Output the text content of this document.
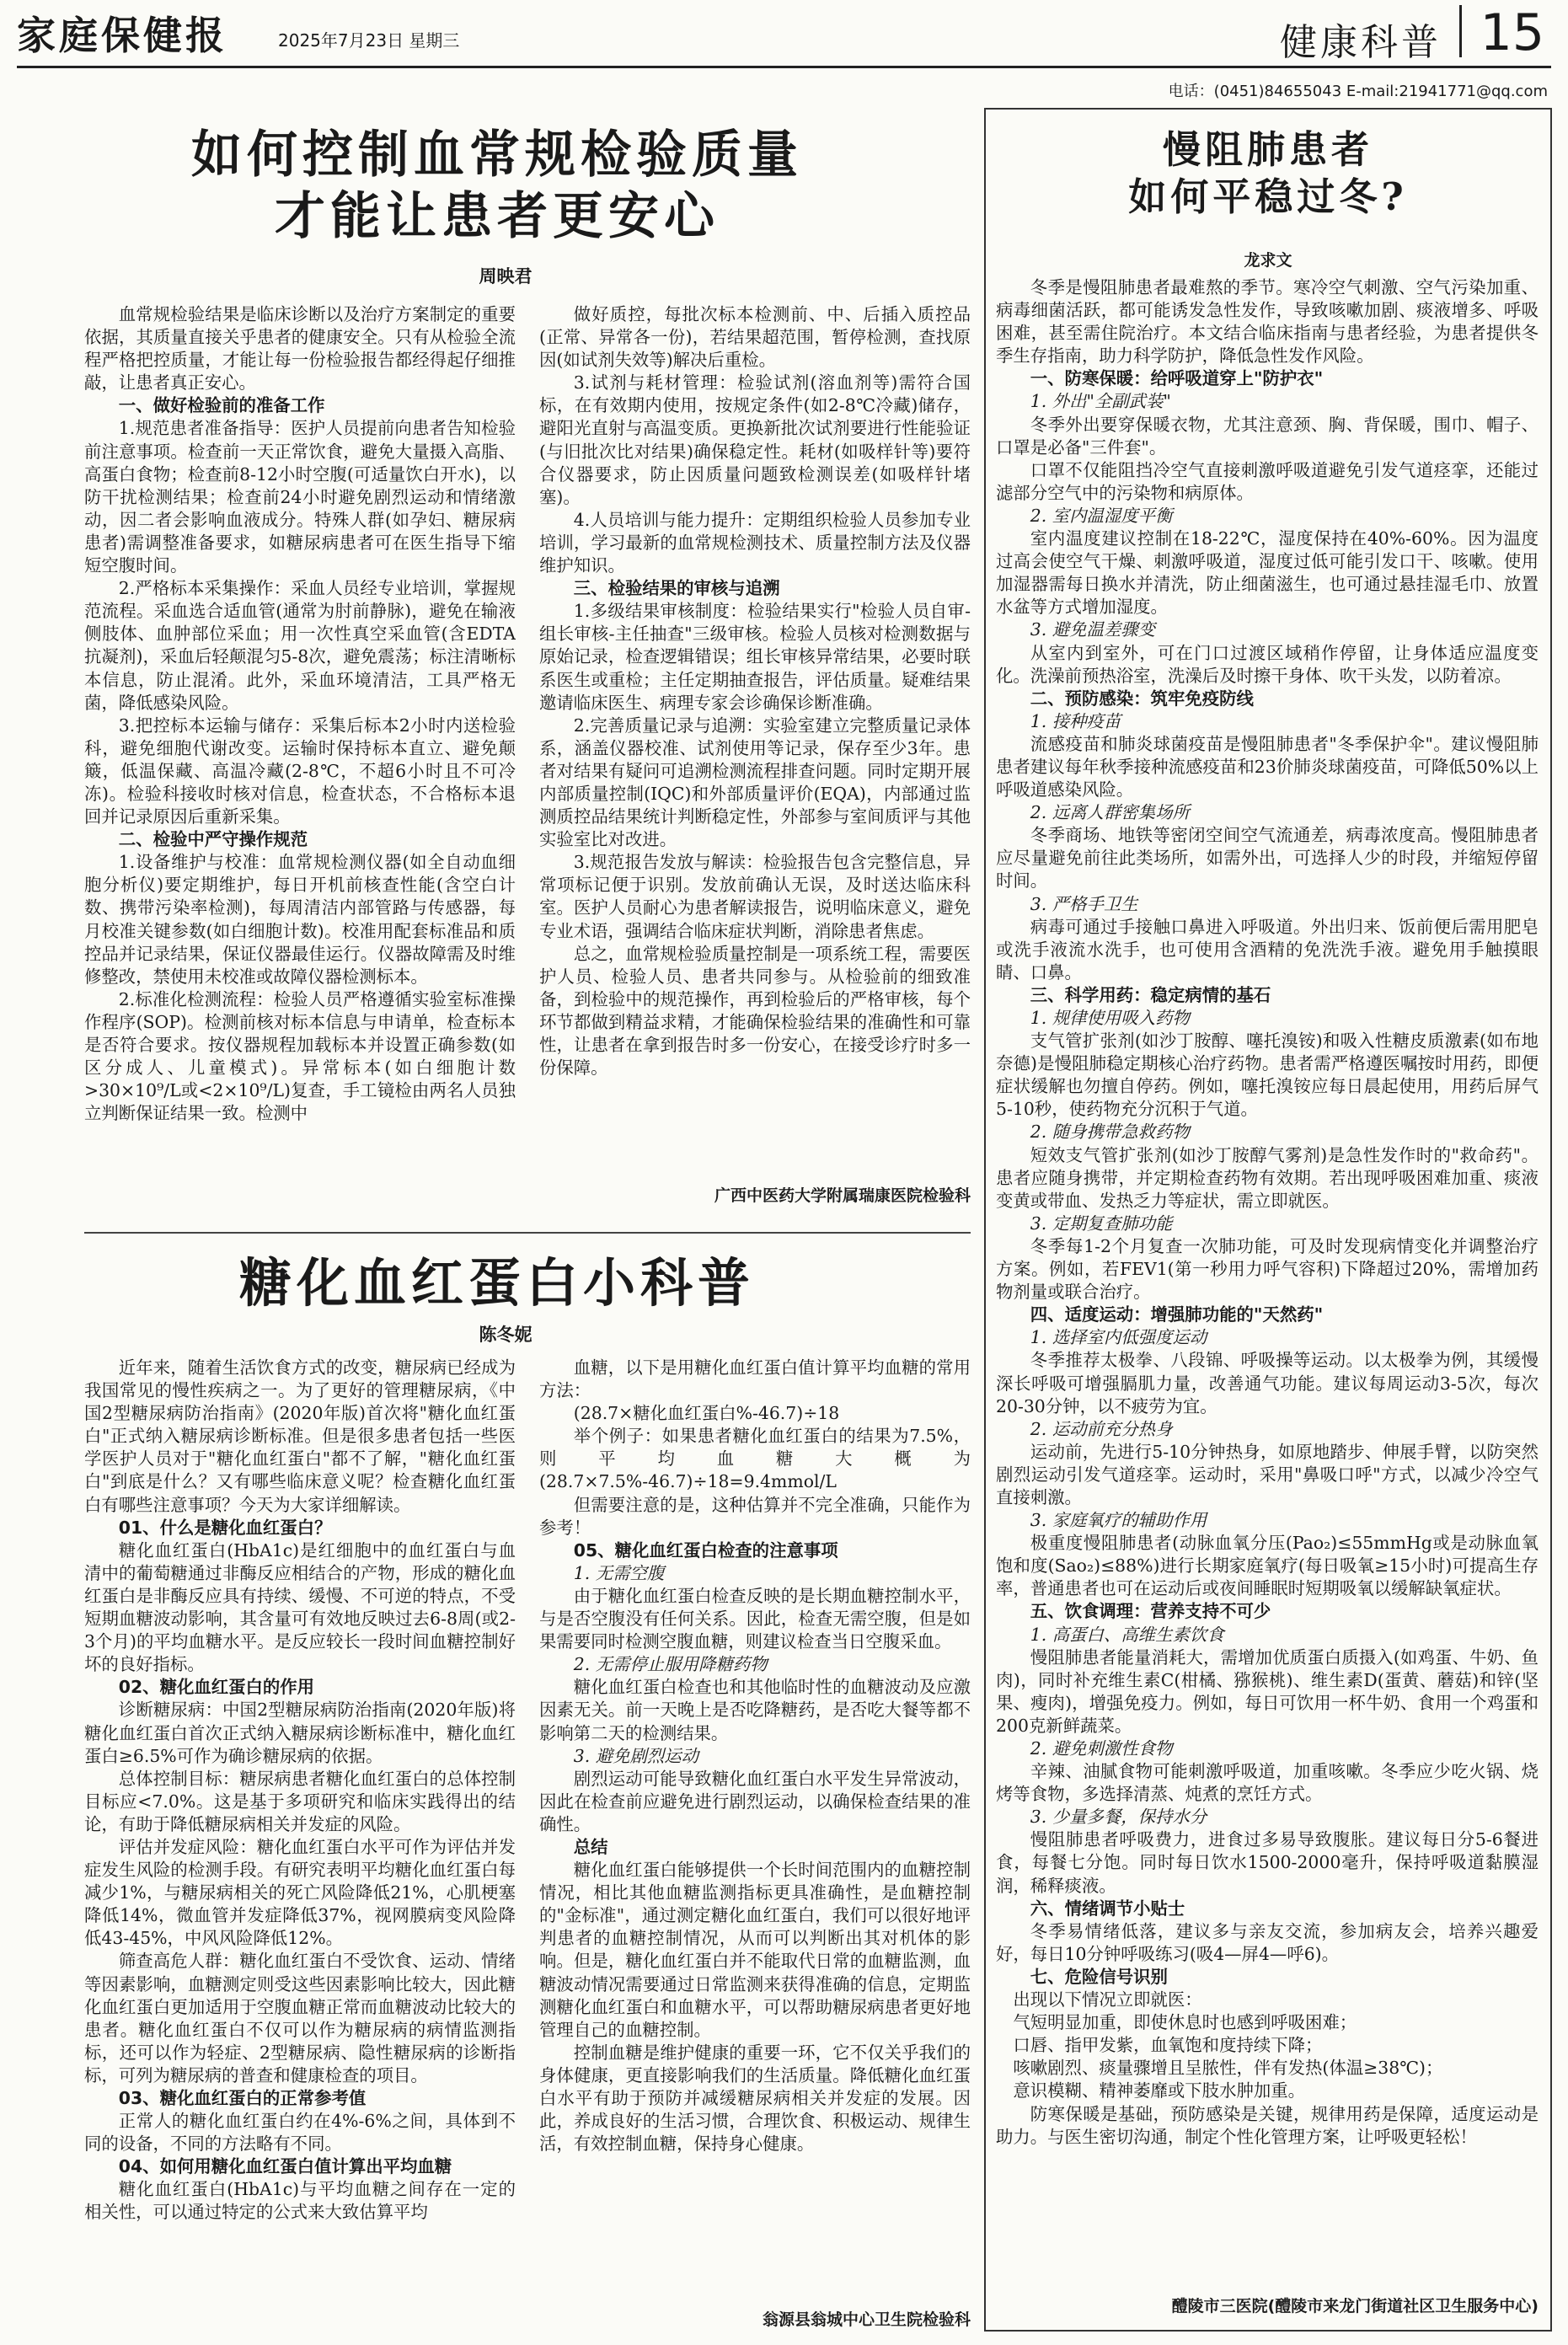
家庭保健报	2025年7月23日 星期三	健康科普 15
电话：(0451)84655043 E-mail:21941771@qq.com
如何控制血常规检验质量
才能让患者更安心
周映君

血常规检验结果是临床诊断以及治疗方案制定的重要依据，其质量直接关乎患者的健康安全。只有从检验全流程严格把控质量，才能让每一份检验报告都经得起仔细推敲，让患者真正安心。

一、做好检验前的准备工作

1.规范患者准备指导：医护人员提前向患者告知检验前注意事项。检查前一天正常饮食，避免大量摄入高脂、高蛋白食物；检查前8-12小时空腹(可适量饮白开水)，以防干扰检测结果；检查前24小时避免剧烈运动和情绪激动，因二者会影响血液成分。特殊人群(如孕妇、糖尿病患者)需调整准备要求，如糖尿病患者可在医生指导下缩短空腹时间。

2.严格标本采集操作：采血人员经专业培训，掌握规范流程。采血选合适血管(通常为肘前静脉)，避免在输液侧肢体、血肿部位采血；用一次性真空采血管(含EDTA抗凝剂)，采血后轻颠混匀5-8次，避免震荡；标注清晰标本信息，防止混淆。此外，采血环境清洁，工具严格无菌，降低感染风险。

3.把控标本运输与储存：采集后标本2小时内送检验科，避免细胞代谢改变。运输时保持标本直立、避免颠簸，低温保藏、高温冷藏(2-8℃，不超6小时且不可冷冻)。检验科接收时核对信息，检查状态，不合格标本退回并记录原因后重新采集。

二、检验中严守操作规范

1.设备维护与校准：血常规检测仪器(如全自动血细胞分析仪)要定期维护，每日开机前核查性能(含空白计数、携带污染率检测)，每周清洁内部管路与传感器，每月校准关键参数(如白细胞计数)。校准用配套标准品和质控品并记录结果，保证仪器最佳运行。仪器故障需及时维修整改，禁使用未校准或故障仪器检测标本。

2.标准化检测流程：检验人员严格遵循实验室标准操作程序(SOP)。检测前核对标本信息与申请单，检查标本是否符合要求。按仪器规程加载标本并设置正确参数(如区分成人、儿童模式)。异常标本(如白细胞计数>30×10⁹/L或<2×10⁹/L)复查，手工镜检由两名人员独立判断保证结果一致。检测中

做好质控，每批次标本检测前、中、后插入质控品(正常、异常各一份)，若结果超范围，暂停检测，查找原因(如试剂失效等)解决后重检。

3.试剂与耗材管理：检验试剂(溶血剂等)需符合国标，在有效期内使用，按规定条件(如2-8℃冷藏)储存，避阳光直射与高温变质。更换新批次试剂要进行性能验证(与旧批次比对结果)确保稳定性。耗材(如吸样针等)要符合仪器要求，防止因质量问题致检测误差(如吸样针堵塞)。

4.人员培训与能力提升：定期组织检验人员参加专业培训，学习最新的血常规检测技术、质量控制方法及仪器维护知识。

三、检验结果的审核与追溯

1.多级结果审核制度：检验结果实行"检验人员自审-组长审核-主任抽查"三级审核。检验人员核对检测数据与原始记录，检查逻辑错误；组长审核异常结果，必要时联系医生或重检；主任定期抽查报告，评估质量。疑难结果邀请临床医生、病理专家会诊确保诊断准确。

2.完善质量记录与追溯：实验室建立完整质量记录体系，涵盖仪器校准、试剂使用等记录，保存至少3年。患者对结果有疑问可追溯检测流程排查问题。同时定期开展内部质量控制(IQC)和外部质量评价(EQA)，内部通过监测质控品结果统计判断稳定性，外部参与室间质评与其他实验室比对改进。

3.规范报告发放与解读：检验报告包含完整信息，异常项标记便于识别。发放前确认无误，及时送达临床科室。医护人员耐心为患者解读报告，说明临床意义，避免专业术语，强调结合临床症状判断，消除患者焦虑。

总之，血常规检验质量控制是一项系统工程，需要医护人员、检验人员、患者共同参与。从检验前的细致准备，到检验中的规范操作，再到检验后的严格审核，每个环节都做到精益求精，才能确保检验结果的准确性和可靠性，让患者在拿到报告时多一份安心，在接受诊疗时多一份保障。

广西中医药大学附属瑞康医院检验科
糖化血红蛋白小科普
陈冬妮

近年来，随着生活饮食方式的改变，糖尿病已经成为我国常见的慢性疾病之一。为了更好的管理糖尿病，《中国2型糖尿病防治指南》(2020年版)首次将"糖化血红蛋白"正式纳入糖尿病诊断标准。但是很多患者包括一些医学医护人员对于"糖化血红蛋白"都不了解，"糖化血红蛋白"到底是什么？又有哪些临床意义呢？检查糖化血红蛋白有哪些注意事项？今天为大家详细解读。

01、什么是糖化血红蛋白？

糖化血红蛋白(HbA1c)是红细胞中的血红蛋白与血清中的葡萄糖通过非酶反应相结合的产物，形成的糖化血红蛋白是非酶反应具有持续、缓慢、不可逆的特点，不受短期血糖波动影响，其含量可有效地反映过去6-8周(或2-3个月)的平均血糖水平。是反应较长一段时间血糖控制好坏的良好指标。

02、糖化血红蛋白的作用

诊断糖尿病：中国2型糖尿病防治指南(2020年版)将糖化血红蛋白首次正式纳入糖尿病诊断标准中，糖化血红蛋白≥6.5%可作为确诊糖尿病的依据。

总体控制目标：糖尿病患者糖化血红蛋白的总体控制目标应<7.0%。这是基于多项研究和临床实践得出的结论，有助于降低糖尿病相关并发症的风险。

评估并发症风险：糖化血红蛋白水平可作为评估并发症发生风险的检测手段。有研究表明平均糖化血红蛋白每减少1%，与糖尿病相关的死亡风险降低21%，心肌梗塞降低14%，微血管并发症降低37%，视网膜病变风险降低43-45%，中风风险降低12%。

筛查高危人群：糖化血红蛋白不受饮食、运动、情绪等因素影响，血糖测定则受这些因素影响比较大，因此糖化血红蛋白更加适用于空腹血糖正常而血糖波动比较大的患者。糖化血红蛋白不仅可以作为糖尿病的病情监测指标，还可以作为轻症、2型糖尿病、隐性糖尿病的诊断指标，可列为糖尿病的普查和健康检查的项目。

03、糖化血红蛋白的正常参考值

正常人的糖化血红蛋白约在4%-6%之间，具体到不同的设备，不同的方法略有不同。

04、如何用糖化血红蛋白值计算出平均血糖

糖化血红蛋白(HbA1c)与平均血糖之间存在一定的相关性，可以通过特定的公式来大致估算平均

血糖，以下是用糖化血红蛋白值计算平均血糖的常用方法：

(28.7×糖化血红蛋白%-46.7)÷18

举个例子：如果患者糖化血红蛋白的结果为7.5%，则平均血糖大概为(28.7×7.5%-46.7)÷18=9.4mmol/L

但需要注意的是，这种估算并不完全准确，只能作为参考！

05、糖化血红蛋白检查的注意事项

1. 无需空腹

由于糖化血红蛋白检查反映的是长期血糖控制水平，与是否空腹没有任何关系。因此，检查无需空腹，但是如果需要同时检测空腹血糖，则建议检查当日空腹采血。

2. 无需停止服用降糖药物

糖化血红蛋白检查也和其他临时性的血糖波动及应激因素无关。前一天晚上是否吃降糖药，是否吃大餐等都不影响第二天的检测结果。

3. 避免剧烈运动

剧烈运动可能导致糖化血红蛋白水平发生异常波动，因此在检查前应避免进行剧烈运动，以确保检查结果的准确性。

总结

糖化血红蛋白能够提供一个长时间范围内的血糖控制情况，相比其他血糖监测指标更具准确性，是血糖控制的"金标准"，通过测定糖化血红蛋白，我们可以很好地评判患者的血糖控制情况，从而可以判断出其对机体的影响。但是，糖化血红蛋白并不能取代日常的血糖监测，血糖波动情况需要通过日常监测来获得准确的信息，定期监测糖化血红蛋白和血糖水平，可以帮助糖尿病患者更好地管理自己的血糖控制。

控制血糖是维护健康的重要一环，它不仅关乎我们的身体健康，更直接影响我们的生活质量。降低糖化血红蛋白水平有助于预防并减缓糖尿病相关并发症的发展。因此，养成良好的生活习惯，合理饮食、积极运动、规律生活，有效控制血糖，保持身心健康。

翁源县翁城中心卫生院检验科
慢阻肺患者
如何平稳过冬?
龙求文

冬季是慢阻肺患者最难熬的季节。寒冷空气刺激、空气污染加重、病毒细菌活跃，都可能诱发急性发作，导致咳嗽加剧、痰液增多、呼吸困难，甚至需住院治疗。本文结合临床指南与患者经验，为患者提供冬季生存指南，助力科学防护，降低急性发作风险。

一、防寒保暖：给呼吸道穿上"防护衣"

1. 外出"全副武装"

冬季外出要穿保暖衣物，尤其注意颈、胸、背保暖，围巾、帽子、口罩是必备"三件套"。

口罩不仅能阻挡冷空气直接刺激呼吸道避免引发气道痉挛，还能过滤部分空气中的污染物和病原体。

2. 室内温湿度平衡

室内温度建议控制在18-22℃，湿度保持在40%-60%。因为温度过高会使空气干燥、刺激呼吸道，湿度过低可能引发口干、咳嗽。使用加湿器需每日换水并清洗，防止细菌滋生，也可通过悬挂湿毛巾、放置水盆等方式增加湿度。

3. 避免温差骤变

从室内到室外，可在门口过渡区域稍作停留，让身体适应温度变化。洗澡前预热浴室，洗澡后及时擦干身体、吹干头发，以防着凉。

二、预防感染：筑牢免疫防线

1. 接种疫苗

流感疫苗和肺炎球菌疫苗是慢阻肺患者"冬季保护伞"。建议慢阻肺患者建议每年秋季接种流感疫苗和23价肺炎球菌疫苗，可降低50%以上呼吸道感染风险。

2. 远离人群密集场所

冬季商场、地铁等密闭空间空气流通差，病毒浓度高。慢阻肺患者应尽量避免前往此类场所，如需外出，可选择人少的时段，并缩短停留时间。

3. 严格手卫生

病毒可通过手接触口鼻进入呼吸道。外出归来、饭前便后需用肥皂或洗手液流水洗手，也可使用含酒精的免洗洗手液。避免用手触摸眼睛、口鼻。

三、科学用药：稳定病情的基石

1. 规律使用吸入药物

支气管扩张剂(如沙丁胺醇、噻托溴铵)和吸入性糖皮质激素(如布地奈德)是慢阻肺稳定期核心治疗药物。患者需严格遵医嘱按时用药，即便症状缓解也勿擅自停药。例如，噻托溴铵应每日晨起使用，用药后屏气5-10秒，使药物充分沉积于气道。

2. 随身携带急救药物

短效支气管扩张剂(如沙丁胺醇气雾剂)是急性发作时的"救命药"。患者应随身携带，并定期检查药物有效期。若出现呼吸困难加重、痰液变黄或带血、发热乏力等症状，需立即就医。

3. 定期复查肺功能

冬季每1-2个月复查一次肺功能，可及时发现病情变化并调整治疗方案。例如，若FEV1(第一秒用力呼气容积)下降超过20%，需增加药物剂量或联合治疗。

四、适度运动：增强肺功能的"天然药"

1. 选择室内低强度运动

冬季推荐太极拳、八段锦、呼吸操等运动。以太极拳为例，其缓慢深长呼吸可增强膈肌力量，改善通气功能。建议每周运动3-5次，每次20-30分钟，以不疲劳为宜。

2. 运动前充分热身

运动前，先进行5-10分钟热身，如原地踏步、伸展手臂，以防突然剧烈运动引发气道痉挛。运动时，采用"鼻吸口呼"方式，以减少冷空气直接刺激。

3. 家庭氧疗的辅助作用

极重度慢阻肺患者(动脉血氧分压(Pao₂)≤55mmHg或是动脉血氧饱和度(Sao₂)≤88%)进行长期家庭氧疗(每日吸氧≥15小时)可提高生存率，普通患者也可在运动后或夜间睡眠时短期吸氧以缓解缺氧症状。

五、饮食调理：营养支持不可少

1. 高蛋白、高维生素饮食

慢阻肺患者能量消耗大，需增加优质蛋白质摄入(如鸡蛋、牛奶、鱼肉)，同时补充维生素C(柑橘、猕猴桃)、维生素D(蛋黄、蘑菇)和锌(坚果、瘦肉)，增强免疫力。例如，每日可饮用一杯牛奶、食用一个鸡蛋和200克新鲜蔬菜。

2. 避免刺激性食物

辛辣、油腻食物可能刺激呼吸道，加重咳嗽。冬季应少吃火锅、烧烤等食物，多选择清蒸、炖煮的烹饪方式。

3. 少量多餐，保持水分

慢阻肺患者呼吸费力，进食过多易导致腹胀。建议每日分5-6餐进食，每餐七分饱。同时每日饮水1500-2000毫升，保持呼吸道黏膜湿润，稀释痰液。

六、情绪调节小贴士

冬季易情绪低落，建议多与亲友交流，参加病友会，培养兴趣爱好，每日10分钟呼吸练习(吸4—屏4—呼6)。

七、危险信号识别

出现以下情况立即就医：

气短明显加重，即使休息时也感到呼吸困难；

口唇、指甲发紫，血氧饱和度持续下降；

咳嗽剧烈、痰量骤增且呈脓性，伴有发热(体温≥38℃)；

意识模糊、精神萎靡或下肢水肿加重。

防寒保暖是基础，预防感染是关键，规律用药是保障，适度运动是助力。与医生密切沟通，制定个性化管理方案，让呼吸更轻松！

醴陵市三医院(醴陵市来龙门街道社区卫生服务中心)
